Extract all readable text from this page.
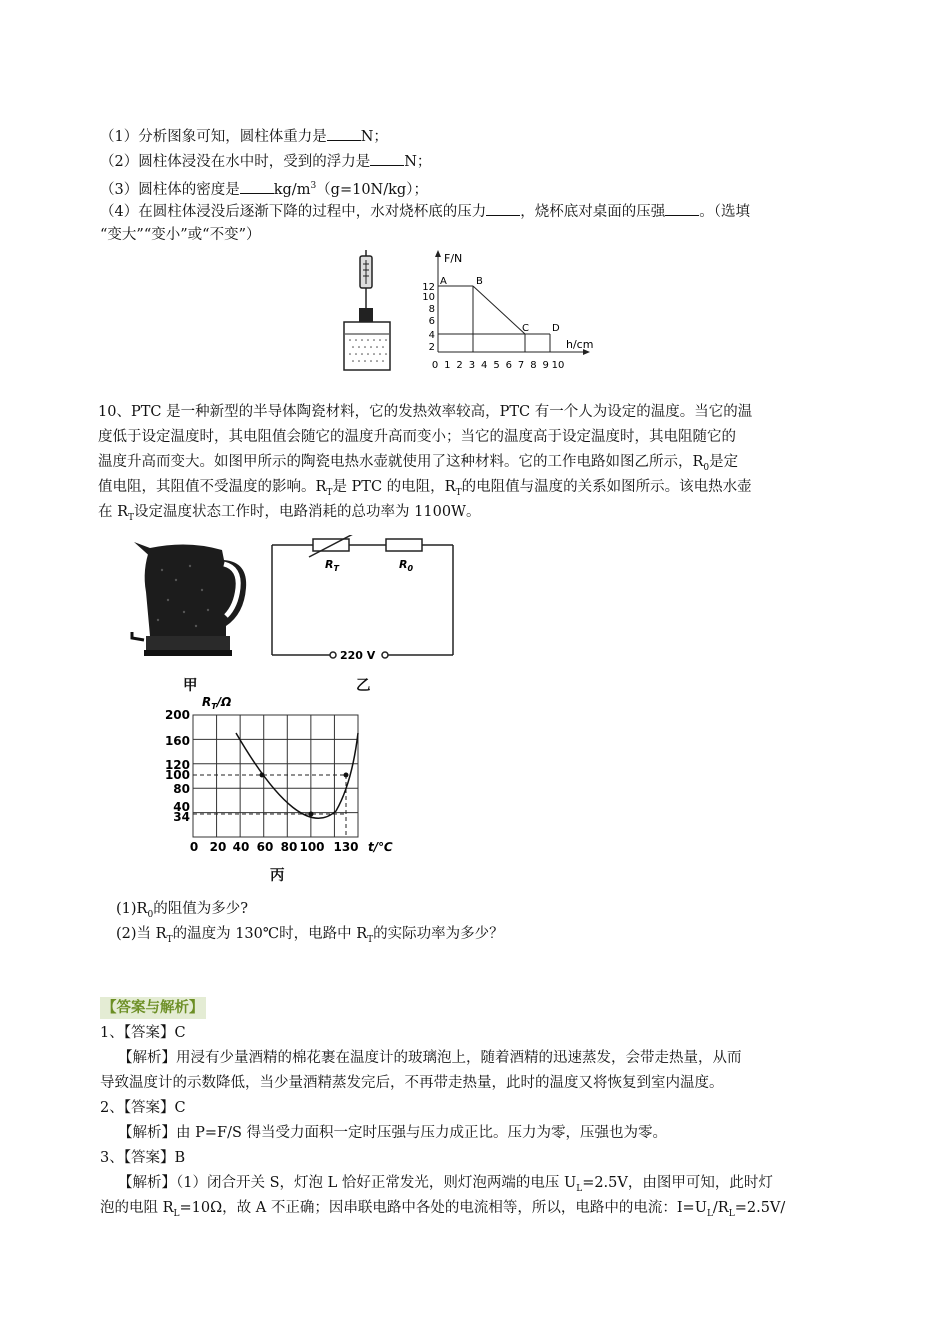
（1）分析图象可知，圆柱体重力是 N；
（2）圆柱体浸没在水中时，受到的浮力是 N；
（3）圆柱体的密度是 $kg/m^3(g=10N/kg)$；
（4）在圆柱体浸没后逐渐下降的过程中，水对烧杯底的压力 ，烧杯底对桌面的压强 。（选填
“变大”“变小”或“不变”）
F/N
h/cm
A	B
C D
12
10
8
6
4
2
0 1 2 3 4 5 6 7 8 9 10
10、PTC 是一种新型的半导体陶瓷材料，它的发热效率较高，PTC 有一个人为设定的温度。当它的温
度低于设定温度时，其电阻值会随它的温度升高而变小；当它的温度高于设定温度时，其电阻随它的
温度升高而变大。如图甲所示的陶瓷电热水壶就使用了这种材料。它的工作电路如图乙所示，$R_0$是定
值电阻，其阻值不受温度的影响。$R_T$是 PTC 的电阻，$R_T$的电阻值与温度的关系如图所示。该电热水壶
在 $R_T$设定温度状态工作时，电路消耗的总功率为 1100W。
甲
$R_T$	$R_0$
220 V
乙
$R_T/\Omega$
t/℃
200
160
120
100
80
40
34
0 20 40 60 80 100 130
丙
$(1)R_0$的阻值为多少?
(2)当 $R_T$的温度为 130℃时，电路中 $R_T$的实际功率为多少？
【答案与解析】
1、【答案】C
【解析】用浸有少量酒精的棉花裹在温度计的玻璃泡上，随着酒精的迅速蒸发，会带走热量，从而
导致温度计的示数降低，当少量酒精蒸发完后，不再带走热量，此时的温度又将恢复到室内温度。
2、【答案】C
【解析】由 P=F/S 得当受力面积一定时压强与压力成正比。压力为零，压强也为零。
3、【答案】B
【解析】（1）闭合开关 S，灯泡 L 恰好正常发光，则灯泡两端的电压 $U_L=2.5V$，由图甲可知，此时灯
泡的电阻 $R_L=10\Omega$，故 A 不正确；因串联电路中各处的电流相等，所以，电路中的电流：$I=U_L/R_L=2.5V/$
